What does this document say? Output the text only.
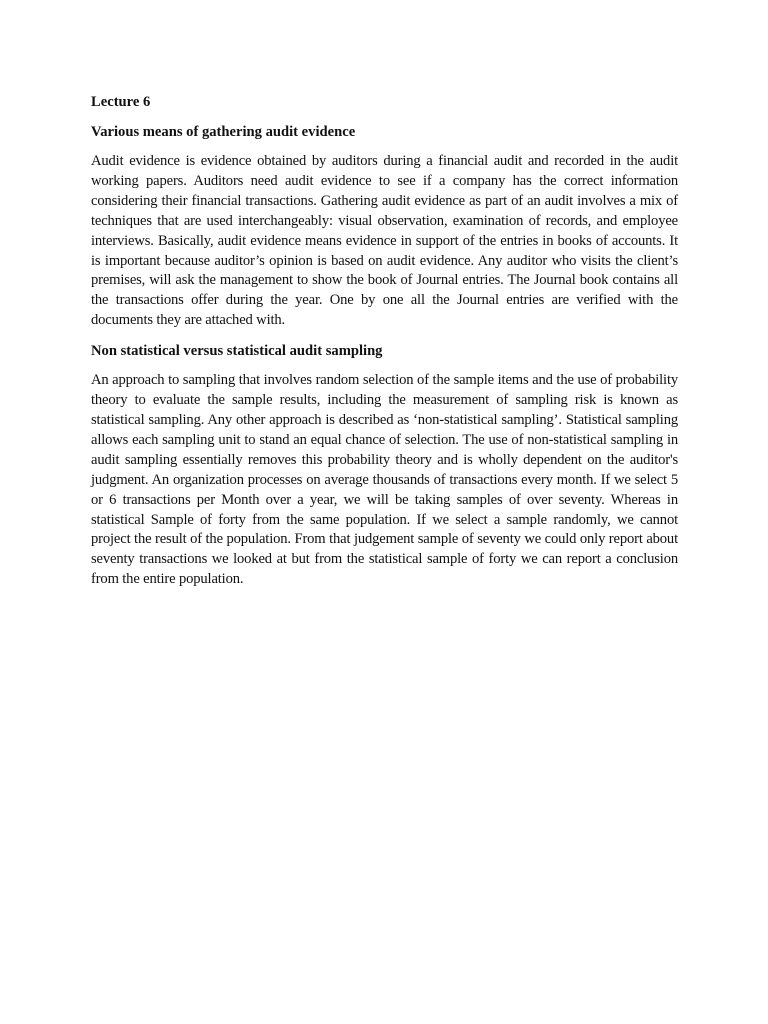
Lecture 6

Various means of gathering audit evidence

Audit evidence is evidence obtained by auditors during a financial audit and recorded in the audit working papers. Auditors need audit evidence to see if a company has the correct information considering their financial transactions. Gathering audit evidence as part of an audit involves a mix of techniques that are used interchangeably: visual observation, examination of records, and employee interviews. Basically, audit evidence means evidence in support of the entries in books of accounts. It is important because auditor’s opinion is based on audit evidence. Any auditor who visits the client’s premises, will ask the management to show the book of Journal entries. The Journal book contains all the transactions offer during the year. One by one all the Journal entries are verified with the documents they are attached with.

Non statistical versus statistical audit sampling

An approach to sampling that involves random selection of the sample items and the use of probability theory to evaluate the sample results, including the measurement of sampling risk is known as statistical sampling. Any other approach is described as ‘non-statistical sampling’. Statistical sampling allows each sampling unit to stand an equal chance of selection. The use of non-statistical sampling in audit sampling essentially removes this probability theory and is wholly dependent on the auditor's judgment. An organization processes on average thousands of transactions every month. If we select 5 or 6 transactions per Month over a year, we will be taking samples of over seventy. Whereas in statistical Sample of forty from the same population. If we select a sample randomly, we cannot project the result of the population. From that judgement sample of seventy we could only report about seventy transactions we looked at but from the statistical sample of forty we can report a conclusion from the entire population.
